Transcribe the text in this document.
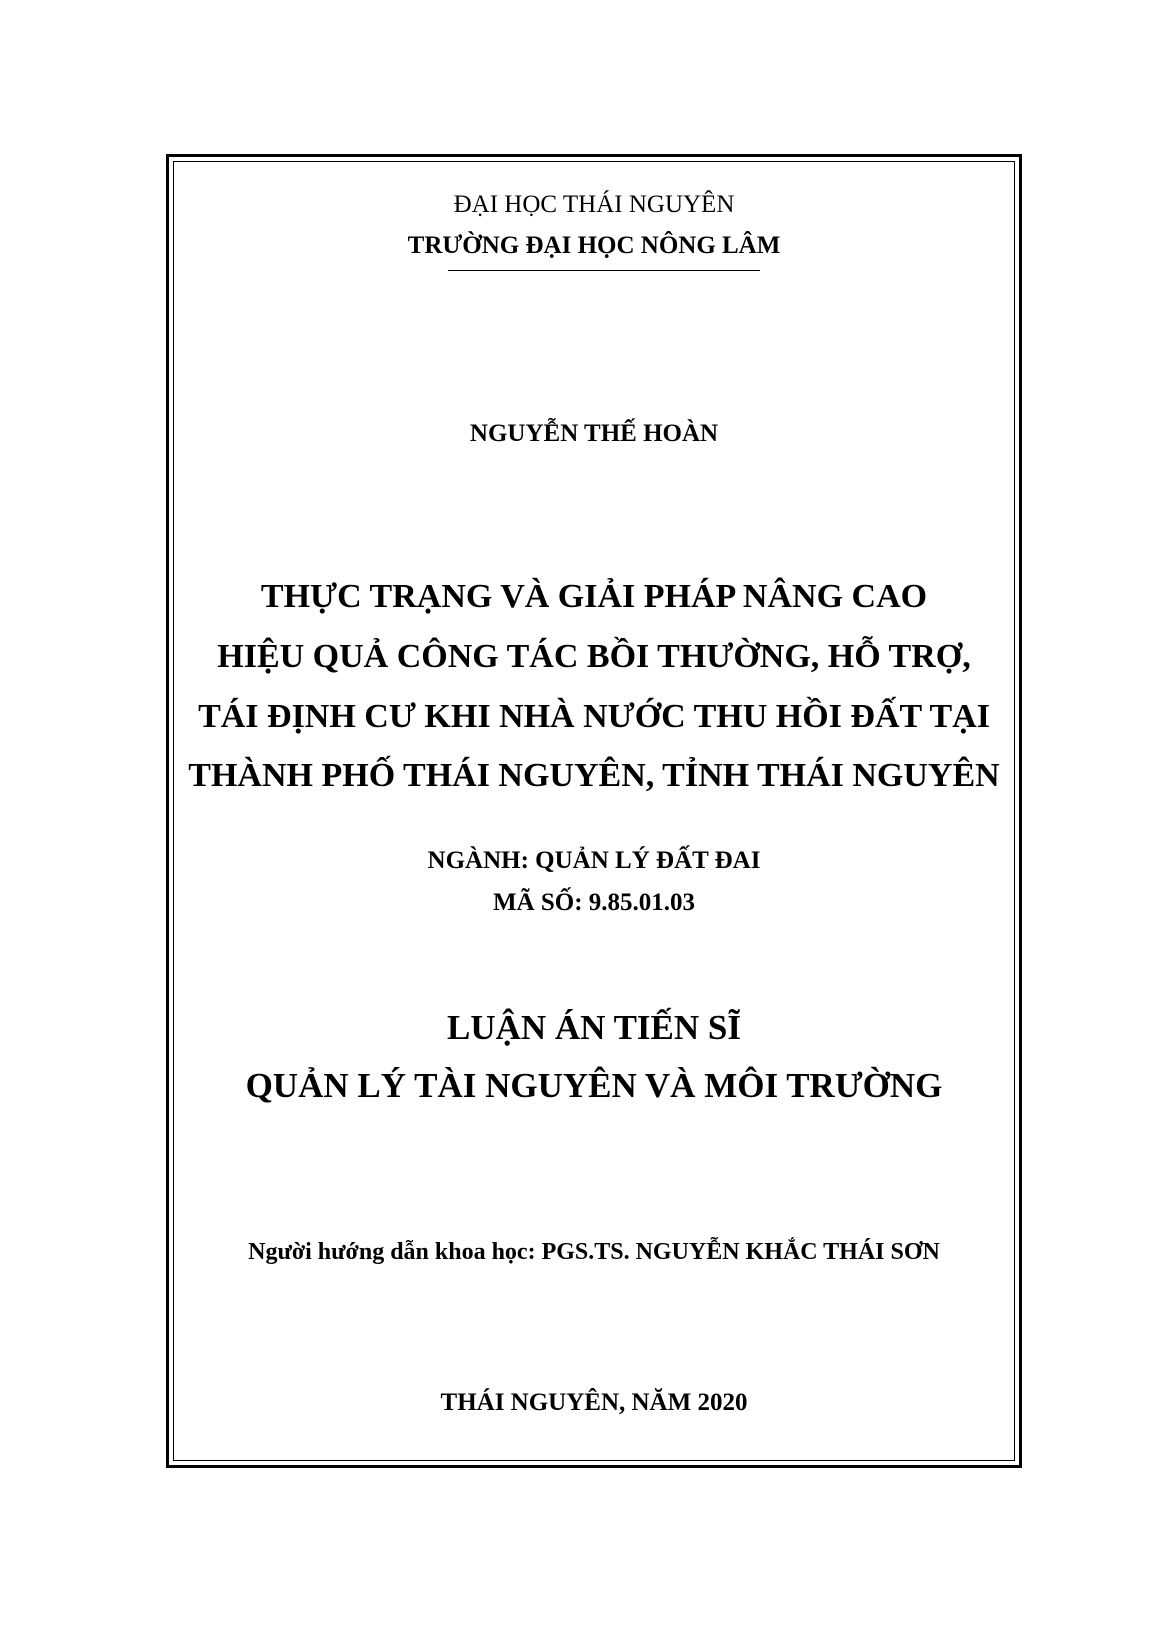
ĐẠI HỌC THÁI NGUYÊN
TRƯỜNG ĐẠI HỌC NÔNG LÂM
NGUYỄN THẾ HOÀN
THỰC TRẠNG VÀ GIẢI PHÁP NÂNG CAO
HIỆU QUẢ CÔNG TÁC BỒI THƯỜNG, HỖ TRỢ,
TÁI ĐỊNH CƯ KHI NHÀ NƯỚC THU HỒI ĐẤT TẠI
THÀNH PHỐ THÁI NGUYÊN, TỈNH THÁI NGUYÊN
NGÀNH: QUẢN LÝ ĐẤT ĐAI
MÃ SỐ: 9.85.01.03
LUẬN ÁN TIẾN SĨ
QUẢN LÝ TÀI NGUYÊN VÀ MÔI TRƯỜNG
Người hướng dẫn khoa học: PGS.TS. NGUYỄN KHẮC THÁI SƠN
THÁI NGUYÊN, NĂM 2020
